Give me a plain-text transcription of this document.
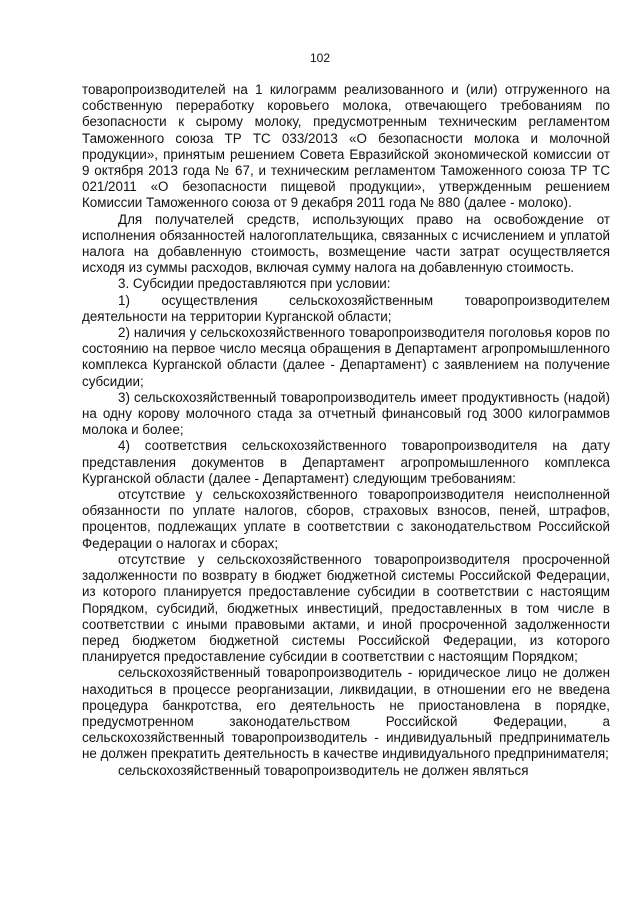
102

товаропроизводителей на 1 килограмм реализованного и (или) отгруженного на собственную переработку коровьего молока, отвечающего требованиям по безопасности к сырому молоку, предусмотренным техническим регламентом Таможенного союза ТР ТС 033/2013 «О безопасности молока и молочной продукции», принятым решением Совета Евразийской экономической комиссии от 9 октября 2013 года № 67, и техническим регламентом Таможенного союза ТР ТС 021/2011 «О безопасности пищевой продукции», утвержденным решением Комиссии Таможенного союза от 9 декабря 2011 года № 880 (далее - молоко).

Для получателей средств, использующих право на освобождение от исполнения обязанностей налогоплательщика, связанных с исчислением и уплатой налога на добавленную стоимость, возмещение части затрат осуществляется исходя из суммы расходов, включая сумму налога на добавленную стоимость.

3. Субсидии предоставляются при условии:

1) осуществления сельскохозяйственным товаропроизводителем деятельности на территории Курганской области;

2) наличия у сельскохозяйственного товаропроизводителя поголовья коров по состоянию на первое число месяца обращения в Департамент агропромышленного комплекса Курганской области (далее - Департамент) с заявлением на получение субсидии;

3) сельскохозяйственный товаропроизводитель имеет продуктивность (надой) на одну корову молочного стада за отчетный финансовый год 3000 килограммов молока и более;

4) соответствия сельскохозяйственного товаропроизводителя на дату представления документов в Департамент агропромышленного комплекса Курганской области (далее - Департамент) следующим требованиям:

отсутствие у сельскохозяйственного товаропроизводителя неисполненной обязанности по уплате налогов, сборов, страховых взносов, пеней, штрафов, процентов, подлежащих уплате в соответствии с законодательством Российской Федерации о налогах и сборах;

отсутствие у сельскохозяйственного товаропроизводителя просроченной задолженности по возврату в бюджет бюджетной системы Российской Федерации, из которого планируется предоставление субсидии в соответствии с настоящим Порядком, субсидий, бюджетных инвестиций, предоставленных в том числе в соответствии с иными правовыми актами, и иной просроченной задолженности перед бюджетом бюджетной системы Российской Федерации, из которого планируется предоставление субсидии в соответствии с настоящим Порядком;

сельскохозяйственный товаропроизводитель - юридическое лицо не должен находиться в процессе реорганизации, ликвидации, в отношении его не введена процедура банкротства, его деятельность не приостановлена в порядке, предусмотренном законодательством Российской Федерации, а сельскохозяйственный товаропроизводитель - индивидуальный предприниматель не должен прекратить деятельность в качестве индивидуального предпринимателя;

сельскохозяйственный товаропроизводитель не должен являться
